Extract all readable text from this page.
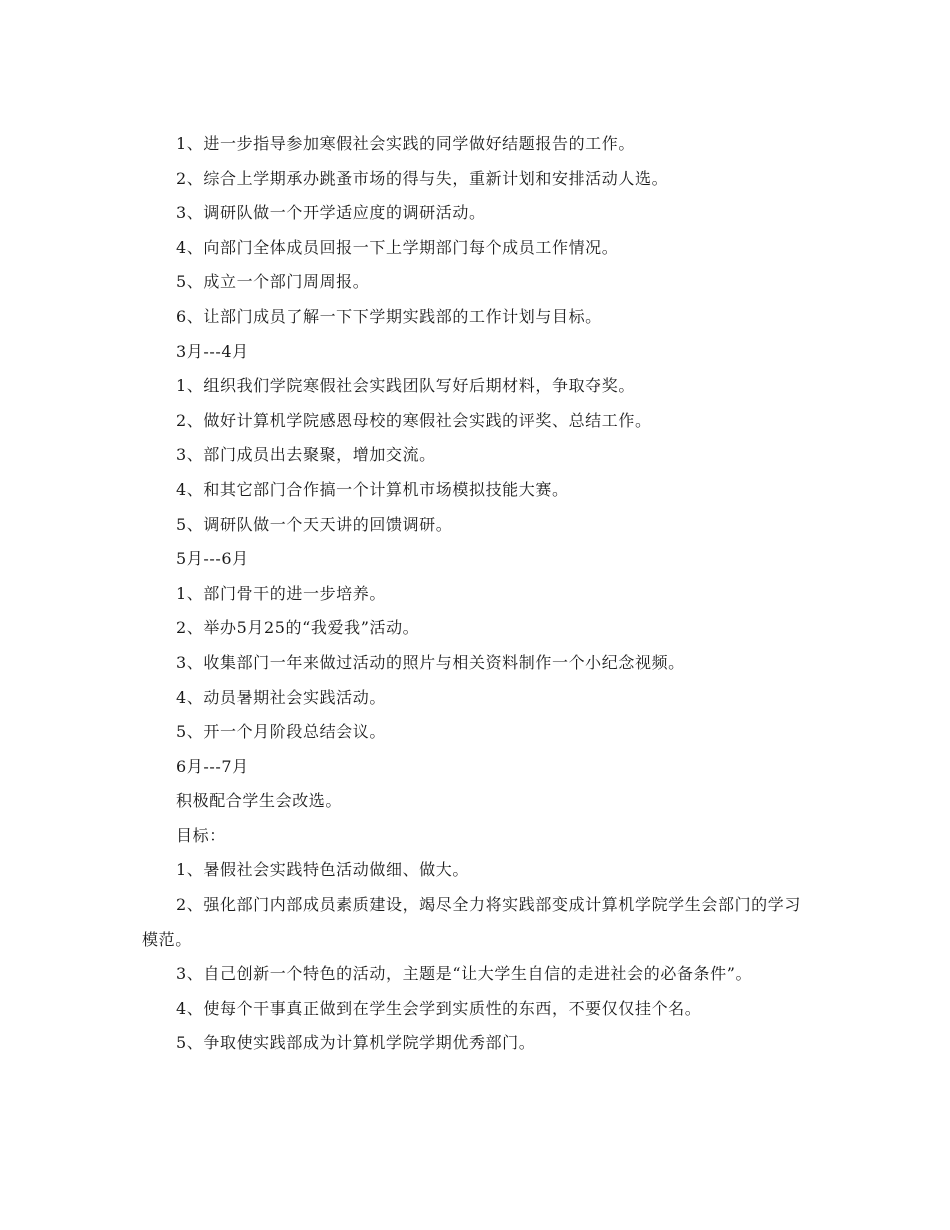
1、进一步指导参加寒假社会实践的同学做好结题报告的工作。

2、综合上学期承办跳蚤市场的得与失，重新计划和安排活动人选。

3、调研队做一个开学适应度的调研活动。

4、向部门全体成员回报一下上学期部门每个成员工作情况。

5、成立一个部门周周报。

6、让部门成员了解一下下学期实践部的工作计划与目标。

3月---4月

1、组织我们学院寒假社会实践团队写好后期材料，争取夺奖。

2、做好计算机学院感恩母校的寒假社会实践的评奖、总结工作。

3、部门成员出去聚聚，增加交流。

4、和其它部门合作搞一个计算机市场模拟技能大赛。

5、调研队做一个天天讲的回馈调研。

5月---6月

1、部门骨干的进一步培养。

2、举办5月25的“我爱我”活动。

3、收集部门一年来做过活动的照片与相关资料制作一个小纪念视频。

4、动员暑期社会实践活动。

5、开一个月阶段总结会议。

6月---7月

积极配合学生会改选。

目标：

1、暑假社会实践特色活动做细、做大。

2、强化部门内部成员素质建设，竭尽全力将实践部变成计算机学院学生会部门的学习模范。

3、自己创新一个特色的活动，主题是“让大学生自信的走进社会的必备条件”。

4、使每个干事真正做到在学生会学到实质性的东西，不要仅仅挂个名。

5、争取使实践部成为计算机学院学期优秀部门。
